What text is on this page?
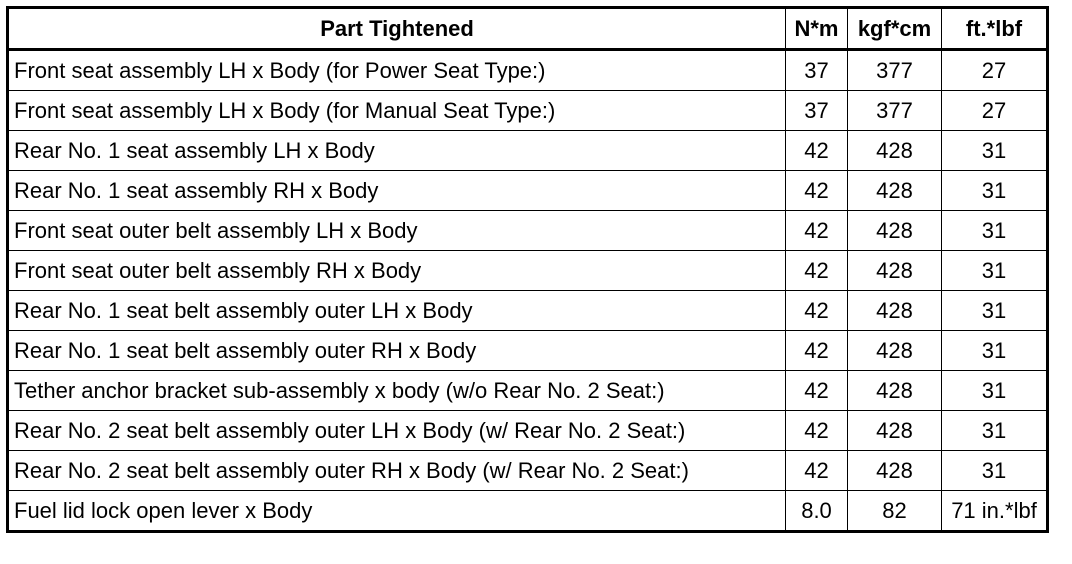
Part Tightened	N*m	kgf*cm	ft.*lbf
Front seat assembly LH x Body (for Power Seat Type:)	37	377	27
Front seat assembly LH x Body (for Manual Seat Type:)	37	377	27
Rear No. 1 seat assembly LH x Body	42	428	31
Rear No. 1 seat assembly RH x Body	42	428	31
Front seat outer belt assembly LH x Body	42	428	31
Front seat outer belt assembly RH x Body	42	428	31
Rear No. 1 seat belt assembly outer LH x Body	42	428	31
Rear No. 1 seat belt assembly outer RH x Body	42	428	31
Tether anchor bracket sub-assembly x body (w/o Rear No. 2 Seat:)	42	428	31
Rear No. 2 seat belt assembly outer LH x Body (w/ Rear No. 2 Seat:)	42	428	31
Rear No. 2 seat belt assembly outer RH x Body (w/ Rear No. 2 Seat:)	42	428	31
Fuel lid lock open lever x Body	8.0	82	71 in.*lbf
